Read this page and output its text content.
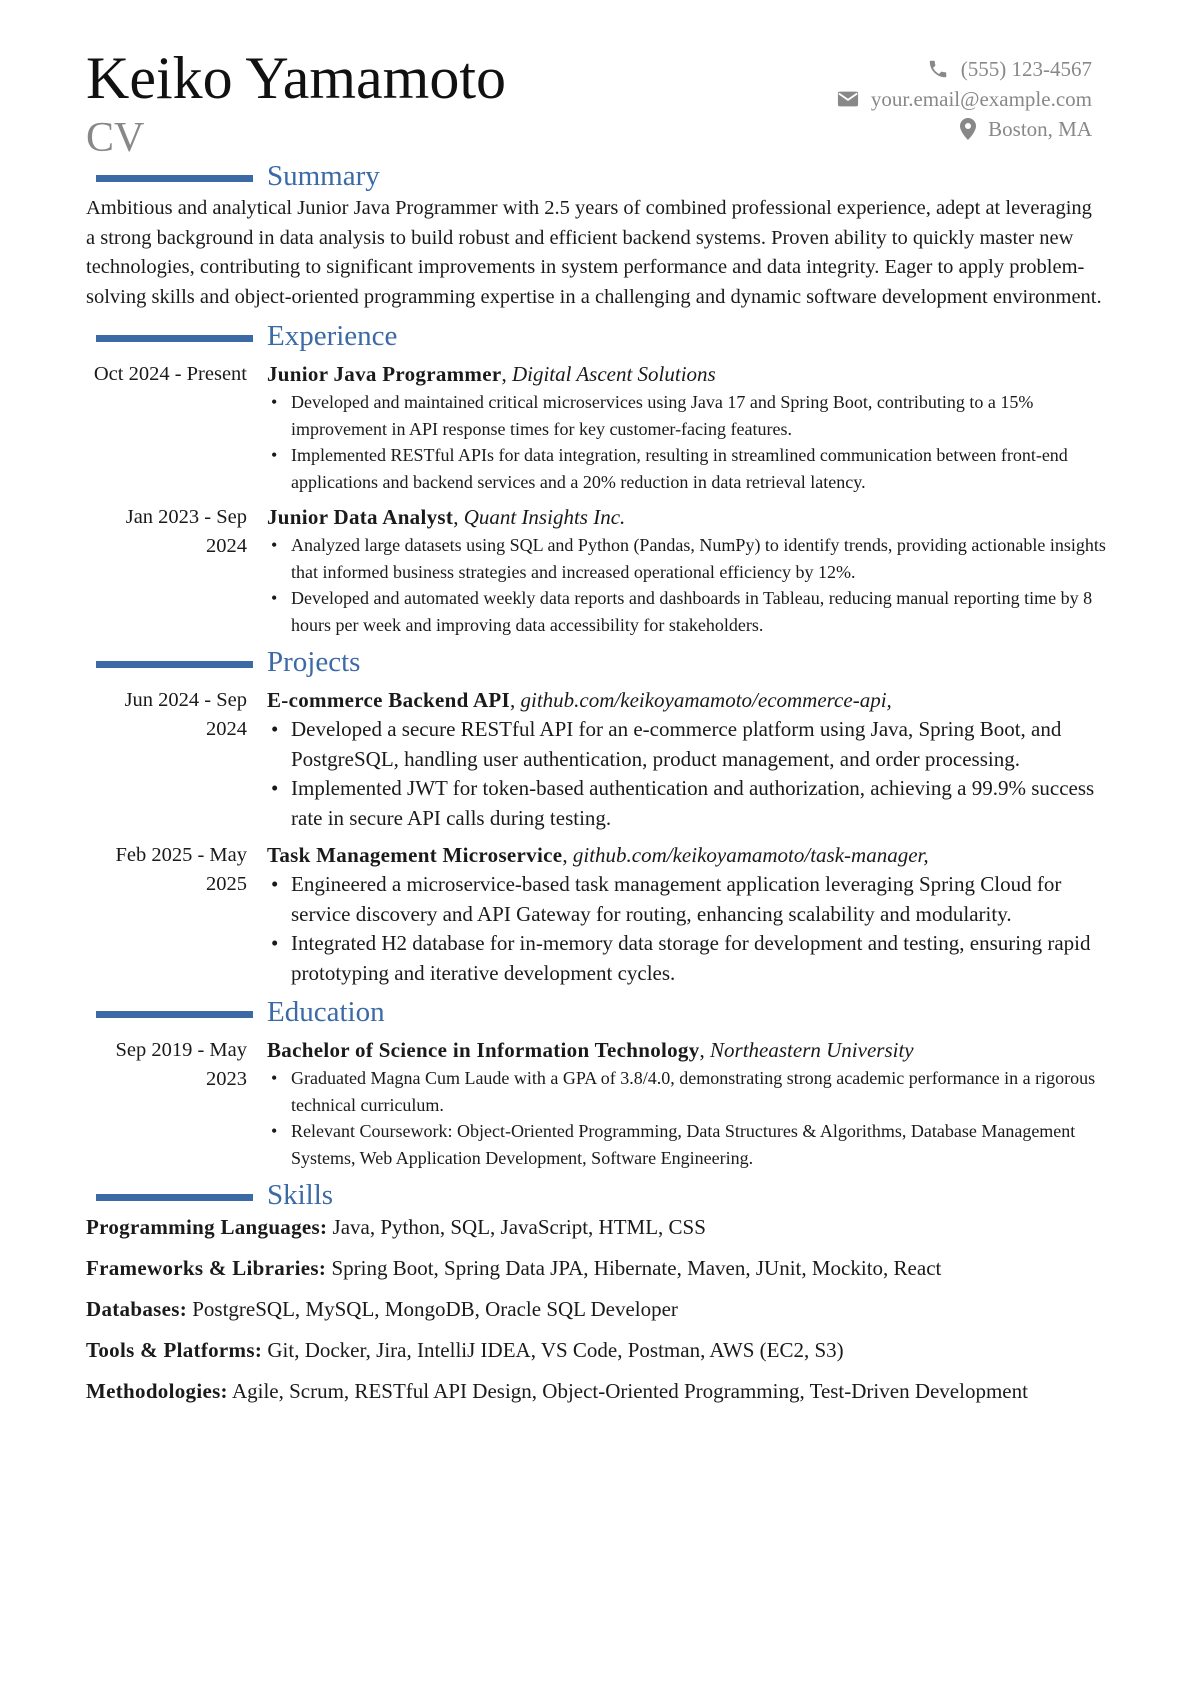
Keiko Yamamoto
CV
(555) 123-4567
your.email@example.com
Boston, MA
Summary

Ambitious and analytical Junior Java Programmer with 2.5 years of combined professional experience, adept at leveraging a strong background in data analysis to build robust and efficient backend systems. Proven ability to quickly master new technologies, contributing to significant improvements in system performance and data integrity. Eager to apply problem-solving skills and object-oriented programming expertise in a challenging and dynamic software development environment.

Experience
Oct 2024 - Present Junior Java Programmer, Digital Ascent Solutions
• Developed and maintained critical microservices using Java 17 and Spring Boot, contributing to a 15% improvement in API response times for key customer-facing features.
• Implemented RESTful APIs for data integration, resulting in streamlined communication between front-end applications and backend services and a 20% reduction in data retrieval latency.
Jan 2023 - Sep 2024
Junior Data Analyst, Quant Insights Inc.
• Analyzed large datasets using SQL and Python (Pandas, NumPy) to identify trends, providing actionable insights that informed business strategies and increased operational efficiency by 12%.
• Developed and automated weekly data reports and dashboards in Tableau, reducing manual reporting time by 8 hours per week and improving data accessibility for stakeholders.
Projects
Jun 2024 - Sep 2024
E-commerce Backend API, github.com/keikoyamamoto/ecommerce-api,
• Developed a secure RESTful API for an e-commerce platform using Java, Spring Boot, and PostgreSQL, handling user authentication, product management, and order processing.
• Implemented JWT for token-based authentication and authorization, achieving a 99.9% success rate in secure API calls during testing.
Feb 2025 - May 2025
Task Management Microservice, github.com/keikoyamamoto/task-manager,
• Engineered a microservice-based task management application leveraging Spring Cloud for service discovery and API Gateway for routing, enhancing scalability and modularity.
• Integrated H2 database for in-memory data storage for development and testing, ensuring rapid prototyping and iterative development cycles.
Education
Sep 2019 - May 2023
Bachelor of Science in Information Technology, Northeastern University
• Graduated Magna Cum Laude with a GPA of 3.8/4.0, demonstrating strong academic performance in a rigorous technical curriculum.
• Relevant Coursework: Object-Oriented Programming, Data Structures & Algorithms, Database Management Systems, Web Application Development, Software Engineering.
Skills
Programming Languages: Java, Python, SQL, JavaScript, HTML, CSS
Frameworks & Libraries: Spring Boot, Spring Data JPA, Hibernate, Maven, JUnit, Mockito, React
Databases: PostgreSQL, MySQL, MongoDB, Oracle SQL Developer
Tools & Platforms: Git, Docker, Jira, IntelliJ IDEA, VS Code, Postman, AWS (EC2, S3)
Methodologies: Agile, Scrum, RESTful API Design, Object-Oriented Programming, Test-Driven Development
